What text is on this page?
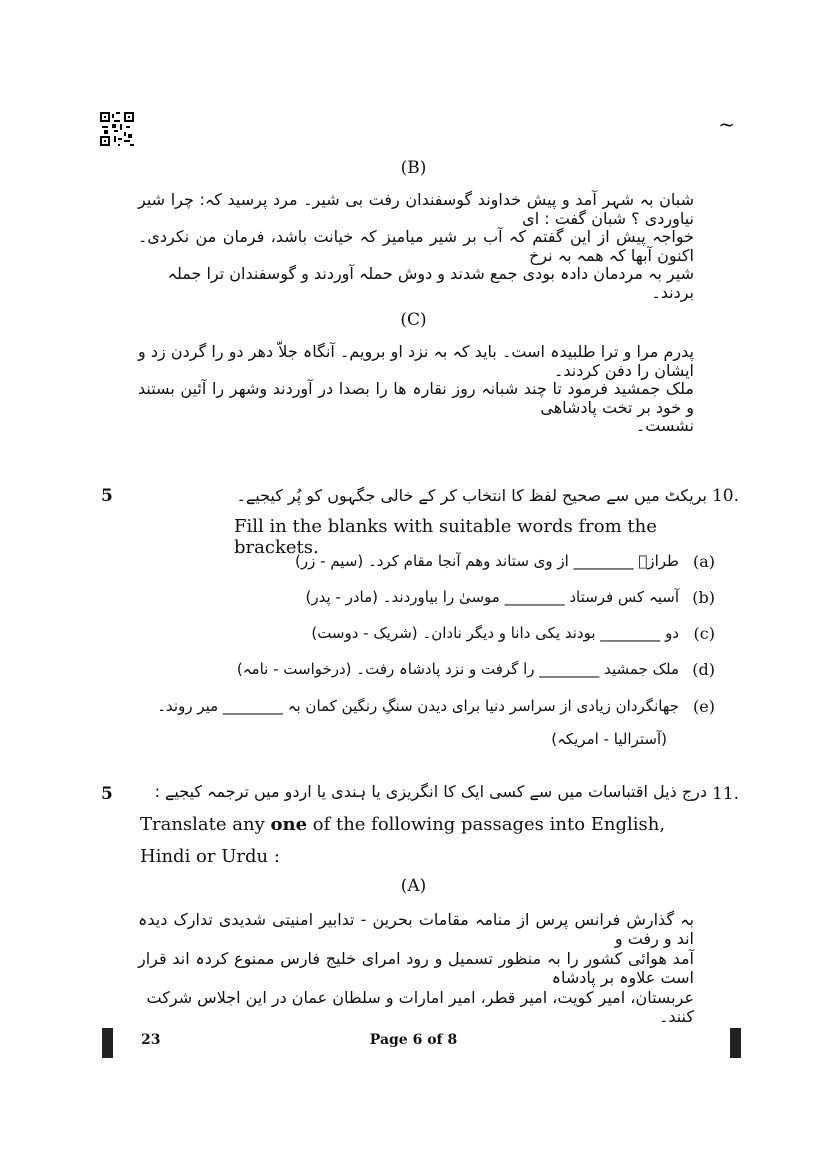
~
(B)
شبان بہ شہر آمد و پیش خداوند گوسفندان رفت بی شیر۔ مرد پرسید کہ: چرا شیر نیاوردی ؟ شبان گفت : ای
خواجہ پیش از این گفتم کہ آب بر شیر میامیز کہ خیانت باشد، فرمان من نکردی۔ اکنون آبھا کہ ھمہ بہ نرخ
شیر بہ مردمان دادہ بودی جمع شدند و دوش حملہ آوردند و گوسفندان ترا جملہ بردند۔
(C)
پدرم مرا و ترا طلبیدہ است۔ باید کہ بہ نزد او برویم۔ آنگاہ جلاّ دھر دو را گردن زد و ایشان را دفن کردند۔
ملک جمشید فرمود تا چند شبانہ روز نقارہ ھا را بصدا در آوردند وشھر را آئین بستند و خود بر تخت پادشاھی
نشست۔
5	10.
بریکٹ میں سے صحیح لفظ کا انتخاب کر کے خالی جگہوں کو پُر کیجیے۔
Fill in the blanks with suitable words from the brackets.
(a)
طرازؔ ________ از وی ستاند وھم آنجا مقام کرد۔ (سیم - زر)
(b)
آسیہ کس فرستاد ________ موسیٰ را بیاوردند۔ (مادر - پدر)
(c)
دو ________ بودند یکی دانا و دیگر نادان۔ (شریک - دوست)
(d)
ملک جمشید ________ را گرفت و نزد پادشاہ رفت۔ (درخواست - نامہ)
(e)
جھانگردان زیادی از سراسر دنیا برای دیدن سنگِ رنگین کمان بہ ________ میر روند۔
(آسترالیا - امریکہ)
5	11.
درج ذیل اقتباسات میں سے کسی ایک کا انگریزی یا ہندی یا اردو میں ترجمہ کیجیے :
Translate any one of the following passages into English,
Hindi or Urdu :
(A)
بہ گذارش فرانس پرس از منامہ مقامات بحرین - تدابیر امنیتی شدیدی تدارک دیدہ اند و رفت و
آمد ھوائی کشور را بہ منظور تسمیل و رود امرای خلیج فارس ممنوع کردہ اند قرار است علاوہ بر پادشاہ
عربستان، امیر کویت، امیر قطر، امیر امارات و سلطان عمان در این اجلاس شرکت کنند۔
23	Page 6 of 8
